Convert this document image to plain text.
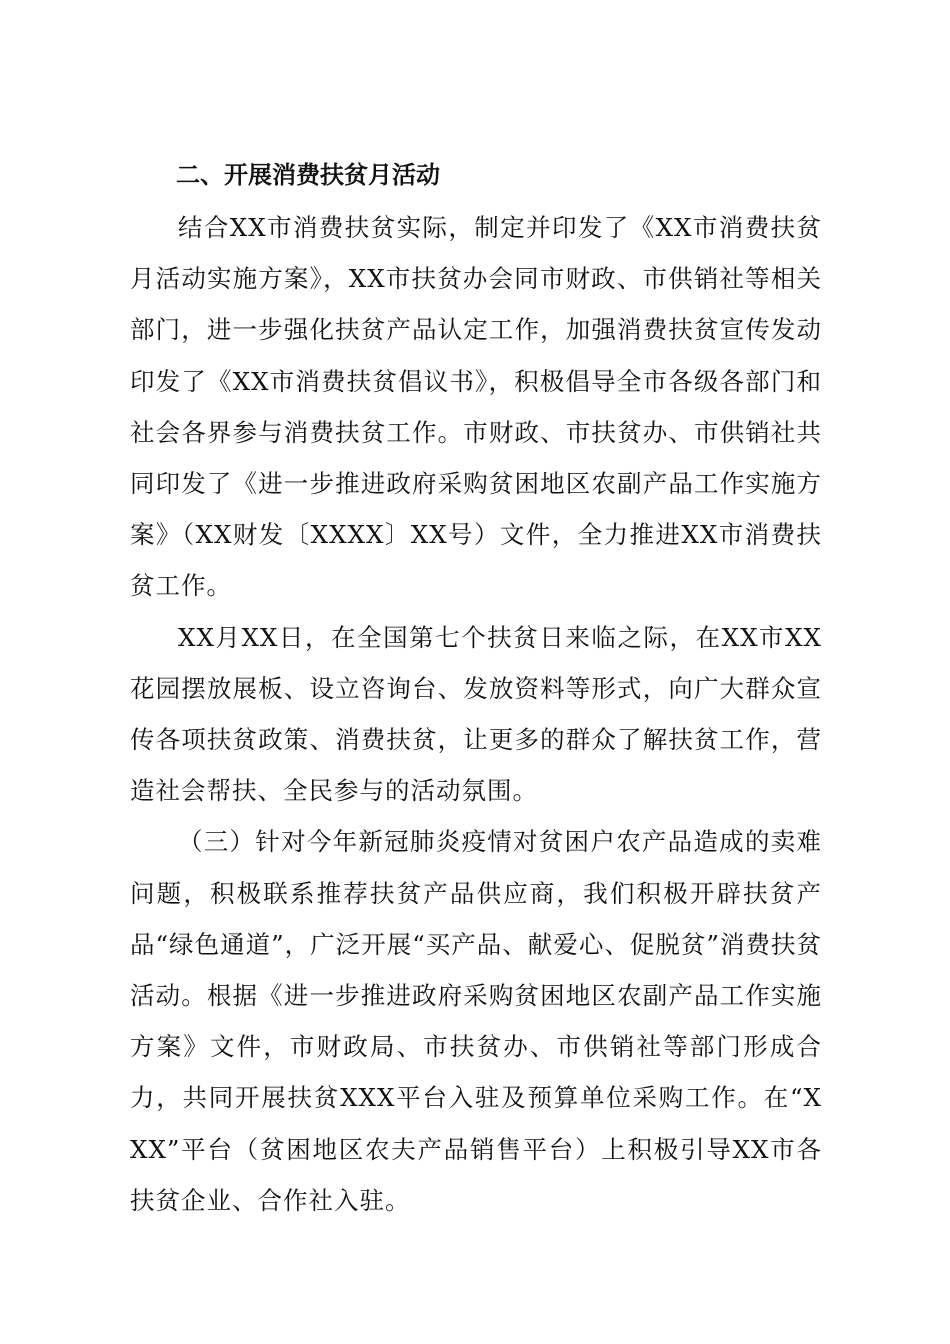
二、开展消费扶贫月活动

结合XX市消费扶贫实际，制定并印发了《XX市消费扶贫月活动实施方案》，XX市扶贫办会同市财政、市供销社等相关部门，进一步强化扶贫产品认定工作，加强消费扶贫宣传发动印发了《XX市消费扶贫倡议书》，积极倡导全市各级各部门和社会各界参与消费扶贫工作。市财政、市扶贫办、市供销社共同印发了《进一步推进政府采购贫困地区农副产品工作实施方案》（XX财发〔XXXX〕XX号）文件，全力推进XX市消费扶贫工作。

XX月XX日，在全国第七个扶贫日来临之际，在XX市XX花园摆放展板、设立咨询台、发放资料等形式，向广大群众宣传各项扶贫政策、消费扶贫，让更多的群众了解扶贫工作，营造社会帮扶、全民参与的活动氛围。

（三）针对今年新冠肺炎疫情对贫困户农产品造成的卖难问题，积极联系推荐扶贫产品供应商，我们积极开辟扶贫产品“绿色通道”，广泛开展“买产品、献爱心、促脱贫”消费扶贫活动。根据《进一步推进政府采购贫困地区农副产品工作实施方案》文件，市财政局、市扶贫办、市供销社等部门形成合力，共同开展扶贫XXX平台入驻及预算单位采购工作。在“XXX”平台（贫困地区农夫产品销售平台）上积极引导XX市各扶贫企业、合作社入驻。
